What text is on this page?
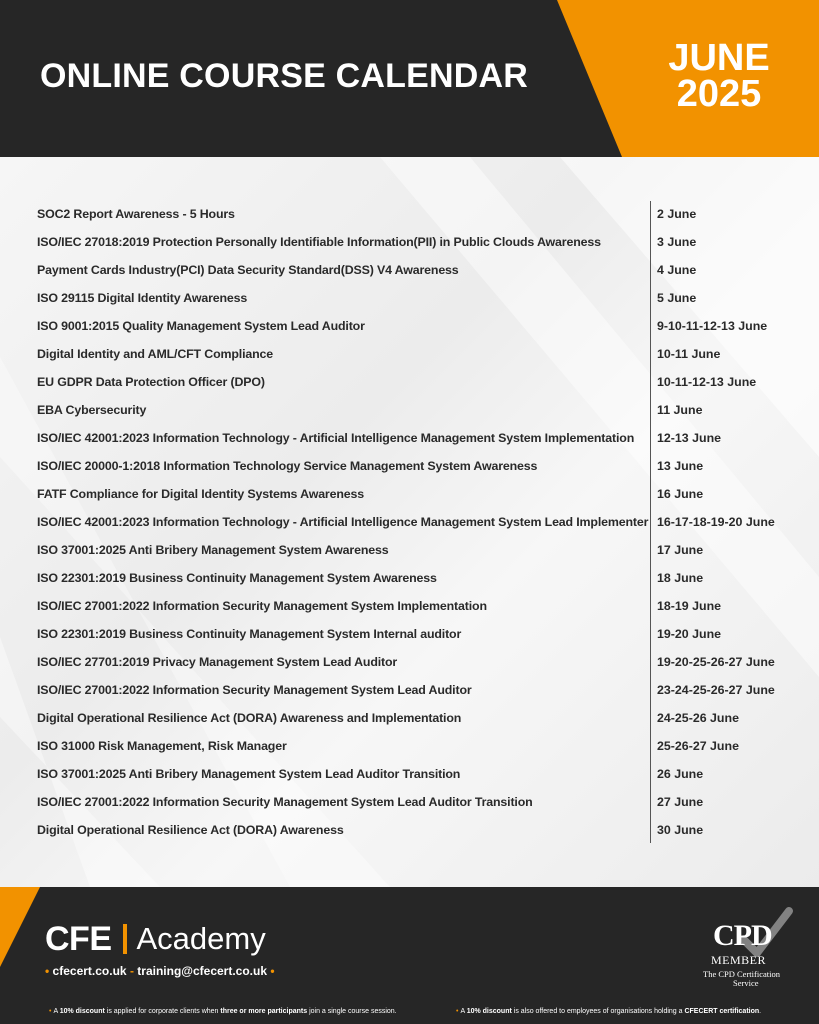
ONLINE COURSE CALENDAR	JUNE
2025
SOC2 Report Awareness - 5 Hours	2 June
ISO/IEC 27018:2019 Protection Personally Identifiable Information(PII) in Public Clouds Awareness	3 June
Payment Cards Industry(PCI) Data Security Standard(DSS) V4 Awareness	4 June
ISO 29115 Digital Identity Awareness	5 June
ISO 9001:2015 Quality Management System Lead Auditor	9-10-11-12-13 June
Digital Identity and AML/CFT Compliance	10-11 June
EU GDPR Data Protection Officer (DPO)	10-11-12-13 June
EBA Cybersecurity	11 June
ISO/IEC 42001:2023 Information Technology - Artificial Intelligence Management System Implementation 12-13 June
ISO/IEC 20000-1:2018 Information Technology Service Management System Awareness	13 June
FATF Compliance for Digital Identity Systems Awareness	16 June
ISO/IEC 42001:2023 Information Technology - Artificial Intelligence Management System Lead Implementer 16-17-18-19-20 June
ISO 37001:2025 Anti Bribery Management System Awareness	17 June
ISO 22301:2019 Business Continuity Management System Awareness	18 June
ISO/IEC 27001:2022 Information Security Management System Implementation	18-19 June
ISO 22301:2019 Business Continuity Management System Internal auditor	19-20 June
ISO/IEC 27701:2019 Privacy Management System Lead Auditor	19-20-25-26-27 June
ISO/IEC 27001:2022 Information Security Management System Lead Auditor	23-24-25-26-27 June
Digital Operational Resilience Act (DORA) Awareness and Implementation	24-25-26 June
ISO 31000 Risk Management, Risk Manager	25-26-27 June
ISO 37001:2025 Anti Bribery Management System Lead Auditor Transition	26 June
ISO/IEC 27001:2022 Information Security Management System Lead Auditor Transition	27 June
Digital Operational Resilience Act (DORA) Awareness	30 June
CFE Academy
• cfecert.co.uk - training@cfecert.co.uk •
CPD
MEMBER
The CPD Certification
Service
• A 10% discount is applied for corporate clients when three or more participants join a single course session.	• A 10% discount is also offered to employees of organisations holding a CFECERT certification.
